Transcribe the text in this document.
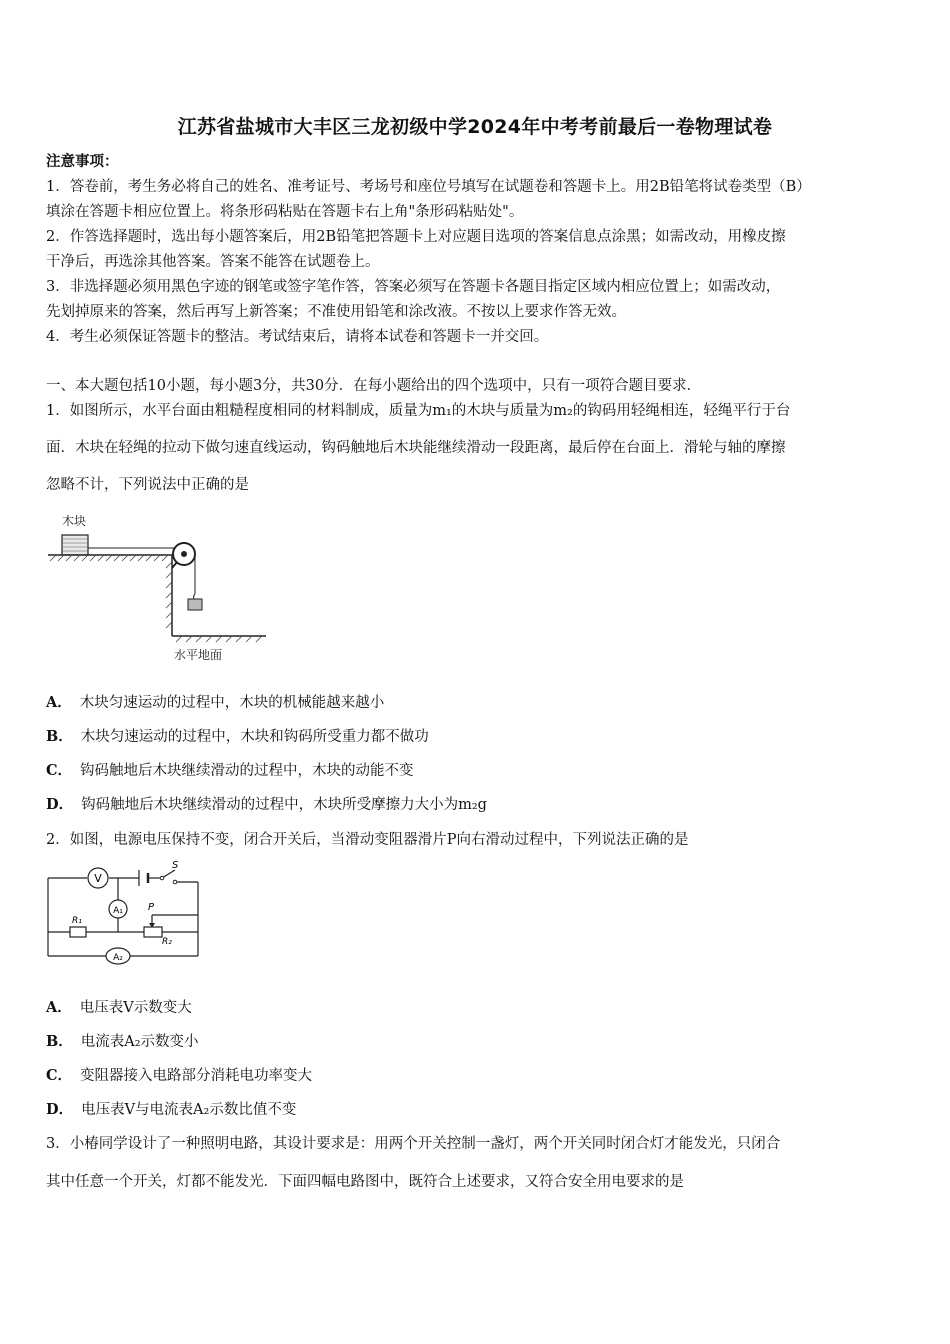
江苏省盐城市大丰区三龙初级中学2024年中考考前最后一卷物理试卷
注意事项：
1．答卷前，考生务必将自己的姓名、准考证号、考场号和座位号填写在试题卷和答题卡上。用2B铅笔将试卷类型（B）
填涂在答题卡相应位置上。将条形码粘贴在答题卡右上角"条形码粘贴处"。
2．作答选择题时，选出每小题答案后，用2B铅笔把答题卡上对应题目选项的答案信息点涂黑；如需改动，用橡皮擦
干净后，再选涂其他答案。答案不能答在试题卷上。
3．非选择题必须用黑色字迹的钢笔或签字笔作答，答案必须写在答题卡各题目指定区域内相应位置上；如需改动，
先划掉原来的答案，然后再写上新答案；不准使用铅笔和涂改液。不按以上要求作答无效。
4．考生必须保证答题卡的整洁。考试结束后，请将本试卷和答题卡一并交回。
一、本大题包括10小题，每小题3分，共30分．在每小题给出的四个选项中，只有一项符合题目要求．
1．如图所示，水平台面由粗糙程度相同的材料制成，质量为m₁的木块与质量为m₂的钩码用轻绳相连，轻绳平行于台
面．木块在轻绳的拉动下做匀速直线运动，钩码触地后木块能继续滑动一段距离，最后停在台面上．滑轮与轴的摩擦
忽略不计，下列说法中正确的是
木块
水平地面
A． 木块匀速运动的过程中，木块的机械能越来越小
B． 木块匀速运动的过程中，木块和钩码所受重力都不做功
C． 钩码触地后木块继续滑动的过程中，木块的动能不变
D． 钩码触地后木块继续滑动的过程中，木块所受摩擦力大小为m₂g
2．如图，电源电压保持不变，闭合开关后，当滑动变阻器滑片P向右滑动过程中，下列说法正确的是
V
S
A₁
R₁
R₂
P
A₂
A． 电压表V示数变大
B． 电流表A₂示数变小
C． 变阻器接入电路部分消耗电功率变大
D． 电压表V与电流表A₂示数比值不变
3．小椿同学设计了一种照明电路，其设计要求是：用两个开关控制一盏灯，两个开关同时闭合灯才能发光，只闭合
其中任意一个开关，灯都不能发光．下面四幅电路图中，既符合上述要求，又符合安全用电要求的是
